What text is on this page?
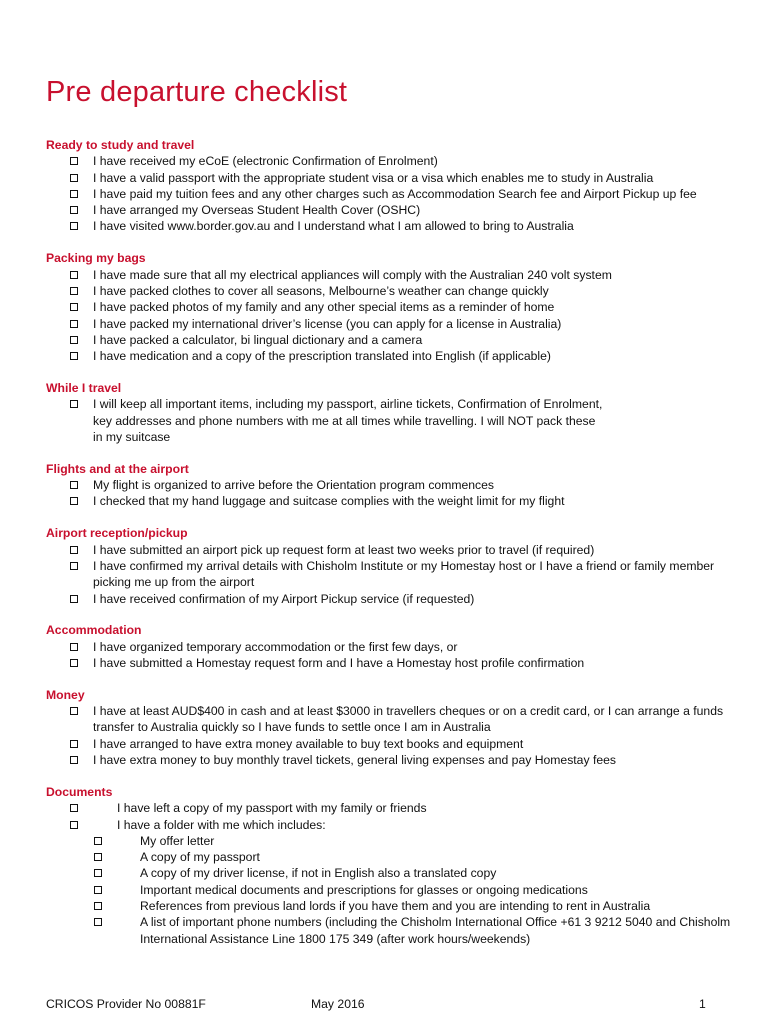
Pre departure checklist
Ready to study and travel
I have received my eCoE (electronic Confirmation of Enrolment)
I have a valid passport with the appropriate student visa or a visa which enables me to study in Australia
I have paid my tuition fees and any other charges such as Accommodation Search fee and Airport Pickup up fee
I have arranged my Overseas Student Health Cover (OSHC)
I have visited www.border.gov.au and I understand what I am allowed to bring to Australia
Packing my bags
I have made sure that all my electrical appliances will comply with the Australian 240 volt system
I have packed clothes to cover all seasons, Melbourne’s weather can change quickly
I have packed photos of my family and any other special items as a reminder of home
I have packed my international driver’s license (you can apply for a license in Australia)
I have packed a calculator, bi lingual dictionary and a camera
I have medication and a copy of the prescription translated into English (if applicable)
While I travel
I will keep all important items, including my passport, airline tickets, Confirmation of Enrolment, key addresses and phone numbers with me at all times while travelling. I will NOT pack these in my suitcase
Flights and at the airport
My flight is organized to arrive before the Orientation program commences
I checked that my hand luggage and suitcase complies with the weight limit for my flight
Airport reception/pickup
I have submitted an airport pick up request form at least two weeks prior to travel (if required)
I have confirmed my arrival details with Chisholm Institute or my Homestay host or I have a friend or family member picking me up from the airport
I have received confirmation of my Airport Pickup service (if requested)
Accommodation
I have organized temporary accommodation or the first few days, or
I have submitted a Homestay request form and I have a Homestay host profile confirmation
Money
I have at least AUD$400 in cash and at least $3000 in travellers cheques or on a credit card, or I can arrange a funds transfer to Australia quickly so I have funds to settle once I am in Australia
I have arranged to have extra money available to buy text books and equipment
I have extra money to buy monthly travel tickets, general living expenses and pay Homestay fees
Documents
I have left a copy of my passport with my family or friends
I have a folder with me which includes:
My offer letter
A copy of my passport
A copy of my driver license, if not in English also a translated copy
Important medical documents and prescriptions for glasses or ongoing medications
References from previous land lords if you have them and you are intending to rent in Australia
A list of important phone numbers (including the Chisholm International Office +61 3 9212 5040 and Chisholm International Assistance Line 1800 175 349 (after work hours/weekends)
CRICOS Provider No 00881F	May 2016	1
